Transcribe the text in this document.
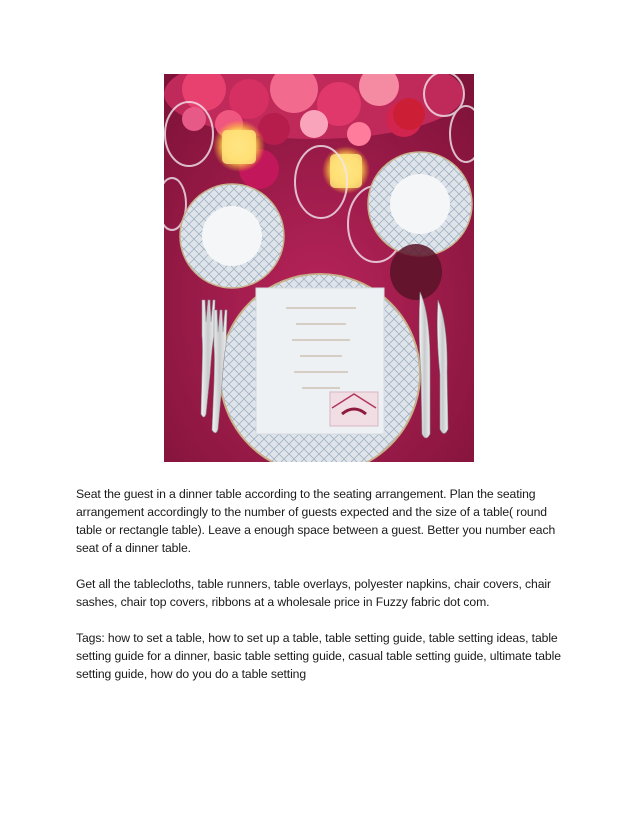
Seat the guest in a dinner table according to the seating arrangement. Plan the seating arrangement accordingly to the number of guests expected and the size of a table( round table or rectangle table). Leave a enough space between a guest. Better you number each seat of a dinner table.

Get all the tablecloths, table runners, table overlays, polyester napkins, chair covers, chair sashes, chair top covers, ribbons at a wholesale price in Fuzzy fabric dot com.

Tags: how to set a table, how to set up a table, table setting guide, table setting ideas, table setting guide for a dinner, basic table setting guide, casual table setting guide, ultimate table setting guide, how do you do a table setting
